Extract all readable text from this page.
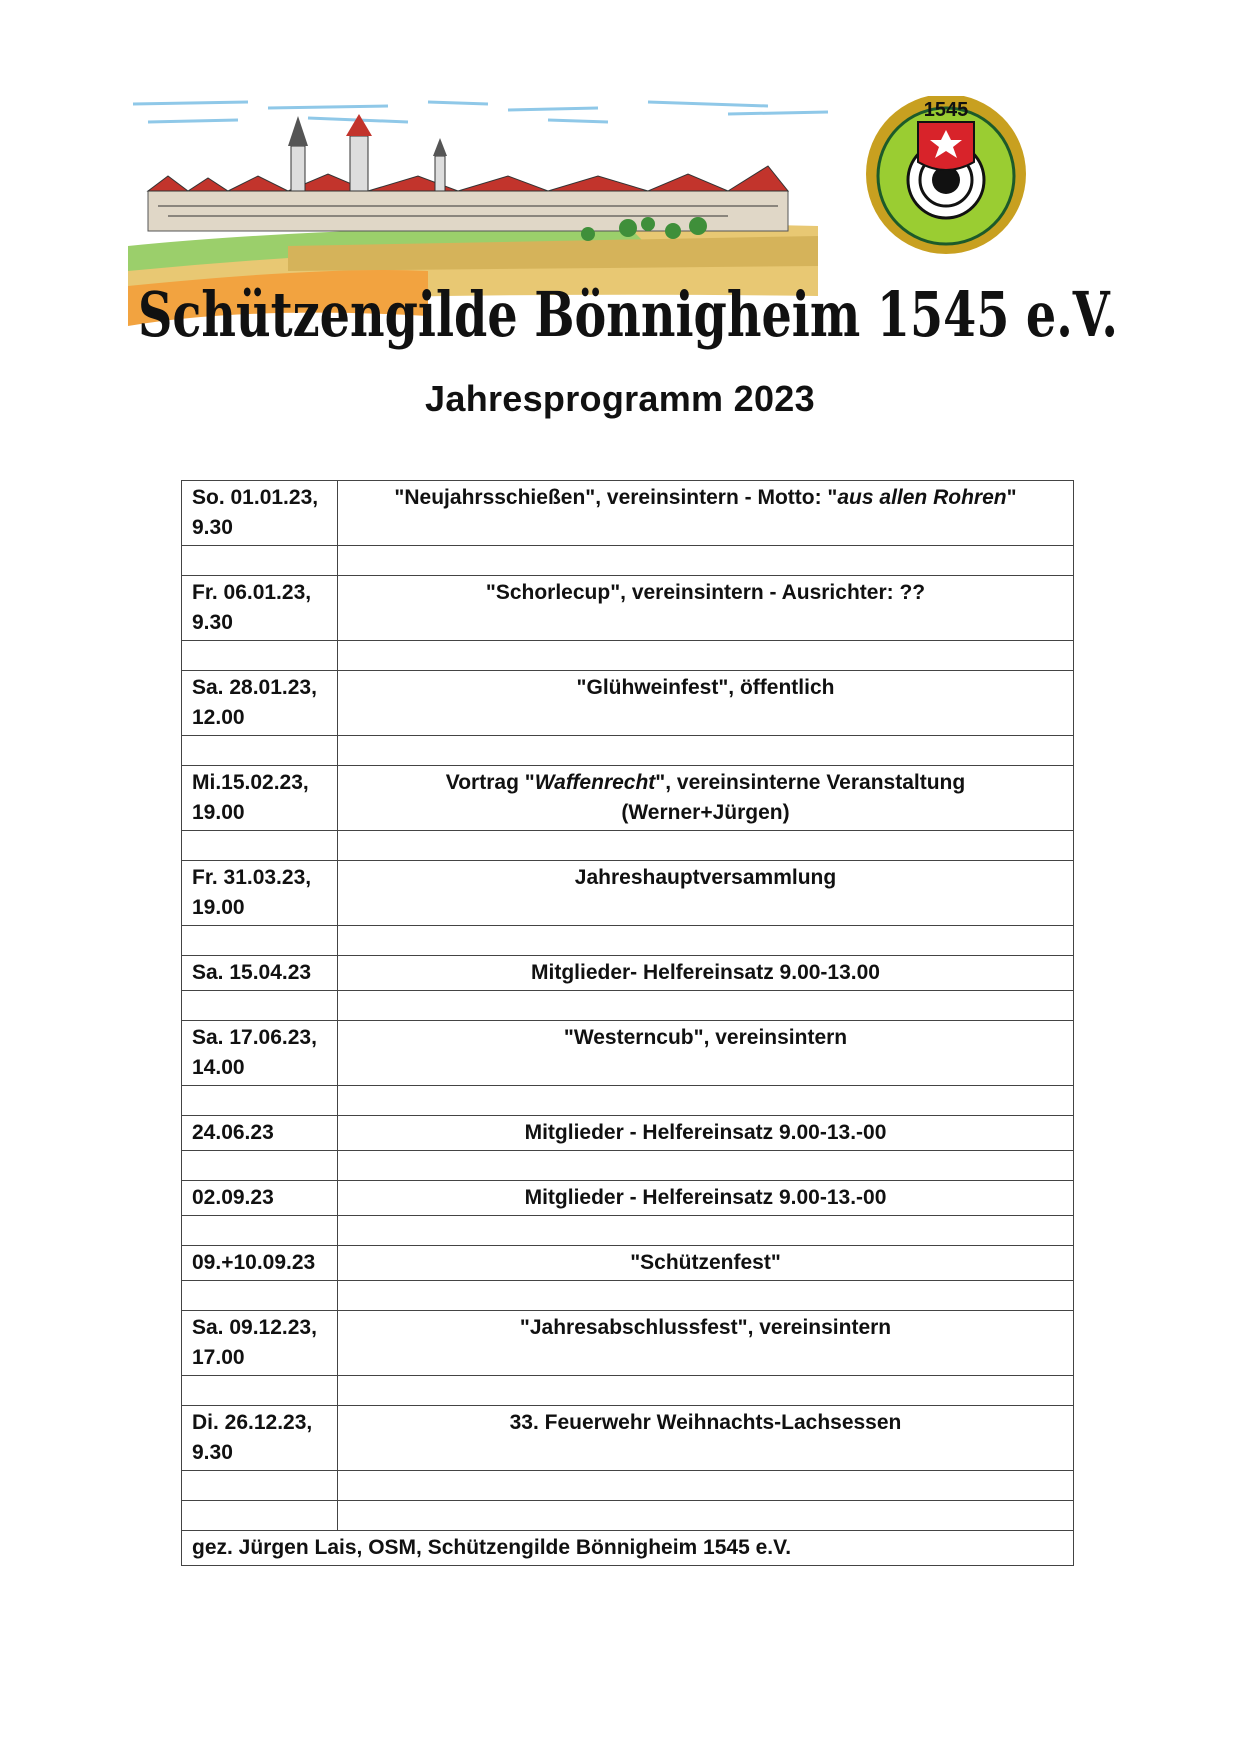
1545
Schützengilde Bönnigheim 1545 e.V.
Jahresprogramm 2023
So. 01.01.23,
9.30	"Neujahrsschießen", vereinsintern - Motto: "aus allen Rohren"

Fr. 06.01.23,
9.30	"Schorlecup", vereinsintern - Ausrichter: ??

Sa. 28.01.23,
12.00	"Glühweinfest", öffentlich

Mi.15.02.23,
19.00	Vortrag "Waffenrecht", vereinsinterne Veranstaltung
(Werner+Jürgen)

Fr. 31.03.23,
19.00	Jahreshauptversammlung

Sa. 15.04.23	Mitglieder- Helfereinsatz 9.00-13.00

Sa. 17.06.23,
14.00	"Westerncub", vereinsintern

24.06.23	Mitglieder - Helfereinsatz 9.00-13.-00

02.09.23	Mitglieder - Helfereinsatz 9.00-13.-00

09.+10.09.23	"Schützenfest"

Sa. 09.12.23,
17.00	"Jahresabschlussfest", vereinsintern

Di. 26.12.23,
9.30	33. Feuerwehr Weihnachts-Lachsessen

gez. Jürgen Lais, OSM, Schützengilde Bönnigheim 1545 e.V.	
